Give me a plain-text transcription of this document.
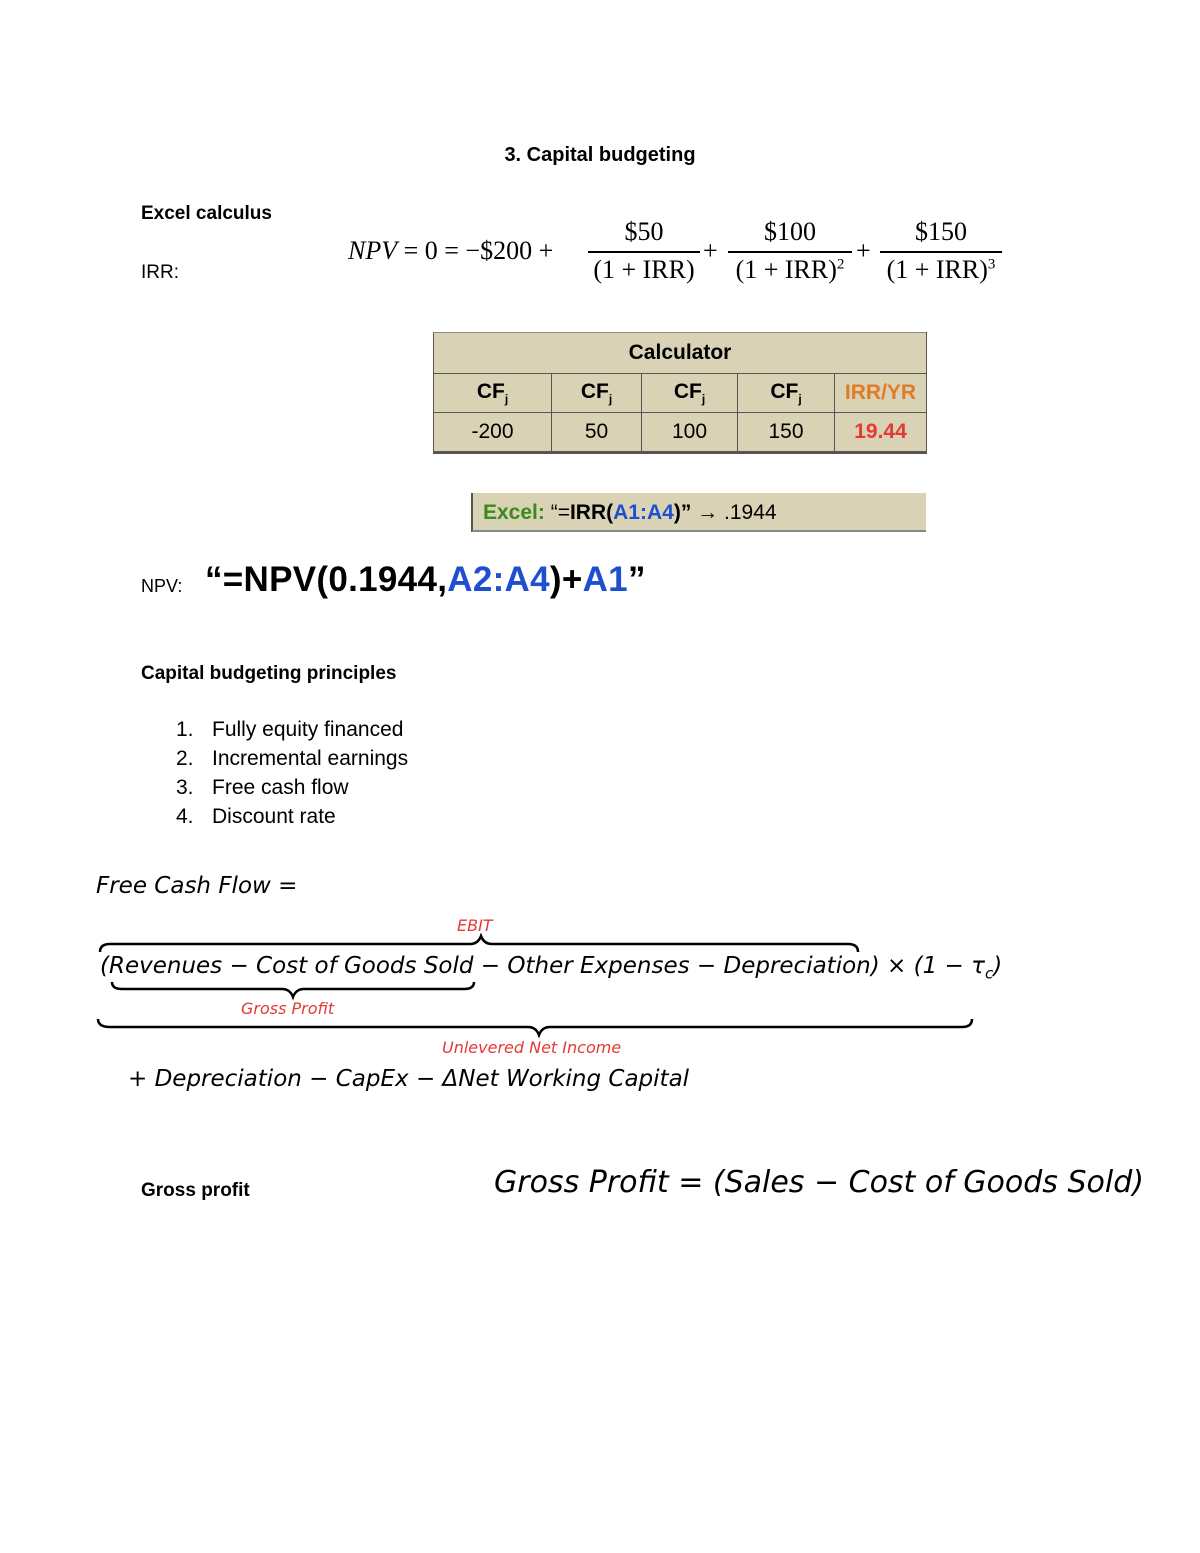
3. Capital budgeting
Excel calculus
IRR:
NPV = 0 = −$200 +
$50
(1 + IRR)
+
$100
(1 + IRR)$^2$ +
$150
(1 + IRR)$^3$
Calculator				
$CF_j$	$CF_j$	$CF_j$	$CF_j$	IRR/YR
-200	50	100	150	19.44
Excel: “=IRR(A1:A4)” → .1944
NPV: “=NPV(0.1944,A2:A4)+A1”
Capital budgeting principles
1. Fully equity financed
2. Incremental earnings
3. Free cash flow
4. Discount rate
Free Cash Flow =
EBIT
(Revenues − Cost of Goods Sold − Other Expenses − Depreciation) × $(1 - \tau_c)$
Gross Profit
Unlevered Net Income
+ Depreciation − CapEx − ΔNet Working Capital
Gross profit	Gross Profit = (Sales − Cost of Goods Sold)
